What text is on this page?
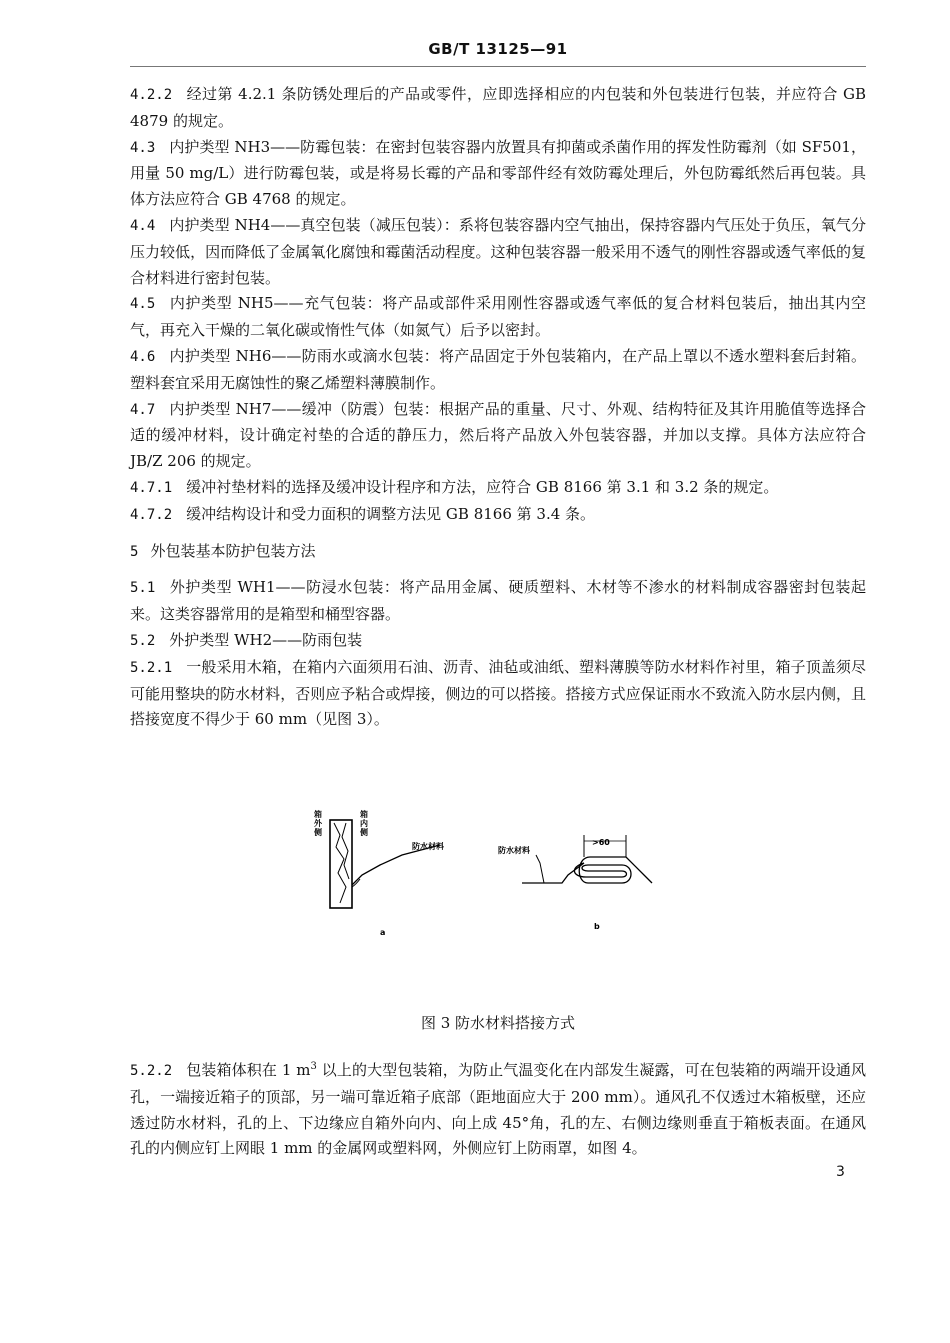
GB/T 13125—91

4.2.2 经过第 4.2.1 条防锈处理后的产品或零件，应即选择相应的内包装和外包装进行包装，并应符合 GB 4879 的规定。

4.3 内护类型 NH3——防霉包装：在密封包装容器内放置具有抑菌或杀菌作用的挥发性防霉剂（如 SF501，用量 50 mg/L）进行防霉包装，或是将易长霉的产品和零部件经有效防霉处理后，外包防霉纸然后再包装。具体方法应符合 GB 4768 的规定。

4.4 内护类型 NH4——真空包装（减压包装）：系将包装容器内空气抽出，保持容器内气压处于负压，氧气分压力较低，因而降低了金属氧化腐蚀和霉菌活动程度。这种包装容器一般采用不透气的刚性容器或透气率低的复合材料进行密封包装。

4.5 内护类型 NH5——充气包装：将产品或部件采用刚性容器或透气率低的复合材料包装后，抽出其内空气，再充入干燥的二氧化碳或惰性气体（如氮气）后予以密封。

4.6 内护类型 NH6——防雨水或滴水包装：将产品固定于外包装箱内，在产品上罩以不透水塑料套后封箱。塑料套宜采用无腐蚀性的聚乙烯塑料薄膜制作。

4.7 内护类型 NH7——缓冲（防震）包装：根据产品的重量、尺寸、外观、结构特征及其许用脆值等选择合适的缓冲材料，设计确定衬垫的合适的静压力，然后将产品放入外包装容器，并加以支撑。具体方法应符合 JB/Z 206 的规定。

4.7.1 缓冲衬垫材料的选择及缓冲设计程序和方法，应符合 GB 8166 第 3.1 和 3.2 条的规定。

4.7.2 缓冲结构设计和受力面积的调整方法见 GB 8166 第 3.4 条。

5 外包装基本防护包装方法

5.1 外护类型 WH1——防浸水包装：将产品用金属、硬质塑料、木材等不渗水的材料制成容器密封包装起来。这类容器常用的是箱型和桶型容器。

5.2 外护类型 WH2——防雨包装

5.2.1 一般采用木箱，在箱内六面须用石油、沥青、油毡或油纸、塑料薄膜等防水材料作衬里，箱子顶盖须尽可能用整块的防水材料，否则应予粘合或焊接，侧边的可以搭接。搭接方式应保证雨水不致流入防水层内侧，且搭接宽度不得少于 60 mm（见图 3）。

箱 外 侧
箱 内 侧
防水材料
a
>60
防水材料
b
图 3 防水材料搭接方式

5.2.2 包装箱体积在 1 $m^3$ 以上的大型包装箱，为防止气温变化在内部发生凝露，可在包装箱的两端开设通风孔，一端接近箱子的顶部，另一端可靠近箱子底部（距地面应大于 200 mm）。通风孔不仅透过木箱板壁，还应透过防水材料，孔的上、下边缘应自箱外向内、向上成 45°角，孔的左、右侧边缘则垂直于箱板表面。在通风孔的内侧应钉上网眼 1 mm 的金属网或塑料网，外侧应钉上防雨罩，如图 4。

3
